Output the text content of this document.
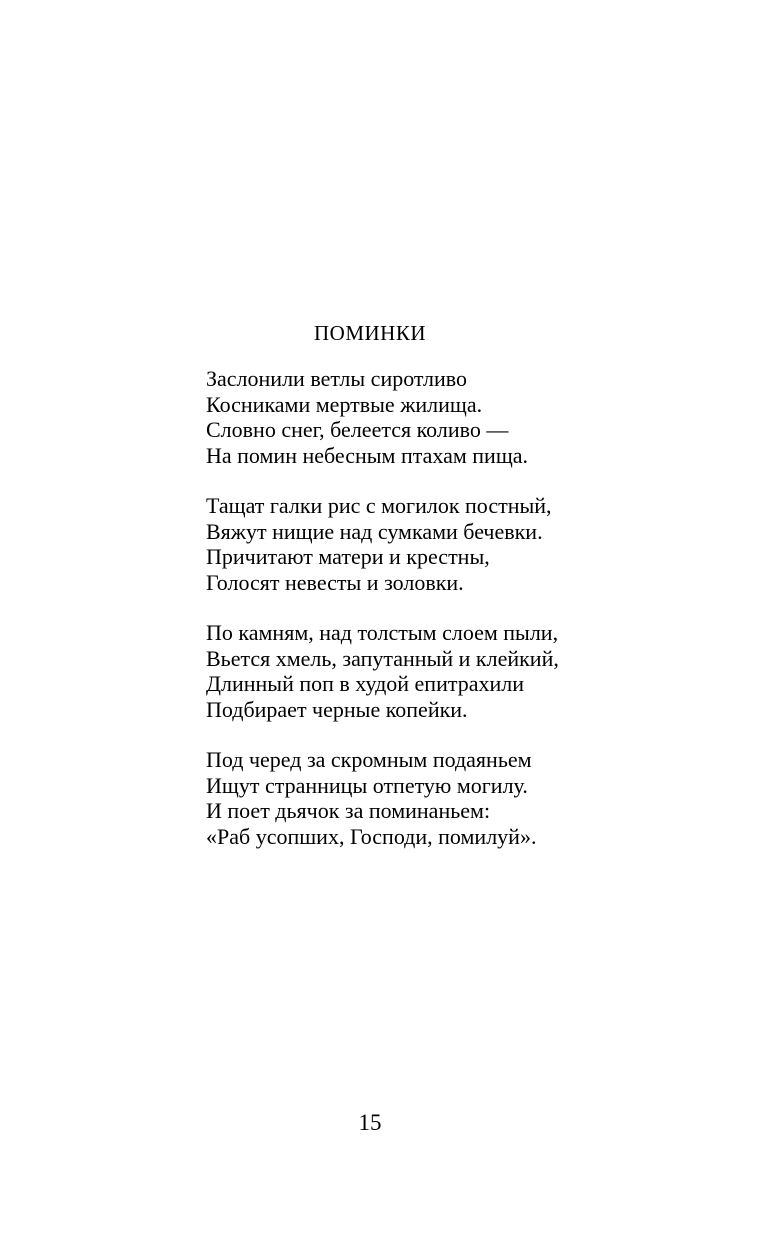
ПОМИНКИ
Заслонили ветлы сиротливо
Косниками мертвые жилища.
Словно снег, белеется коливо —
На помин небесным птахам пища.
Тащат галки рис с могилок постный,
Вяжут нищие над сумками бечевки.
Причитают матери и крестны,
Голосят невесты и золовки.
По камням, над толстым слоем пыли,
Вьется хмель, запутанный и клейкий,
Длинный поп в худой епитрахили
Подбирает черные копейки.
Под черед за скромным подаяньем
Ищут странницы отпетую могилу.
И поет дьячок за поминаньем:
«Раб усопших, Господи, помилуй».
15
